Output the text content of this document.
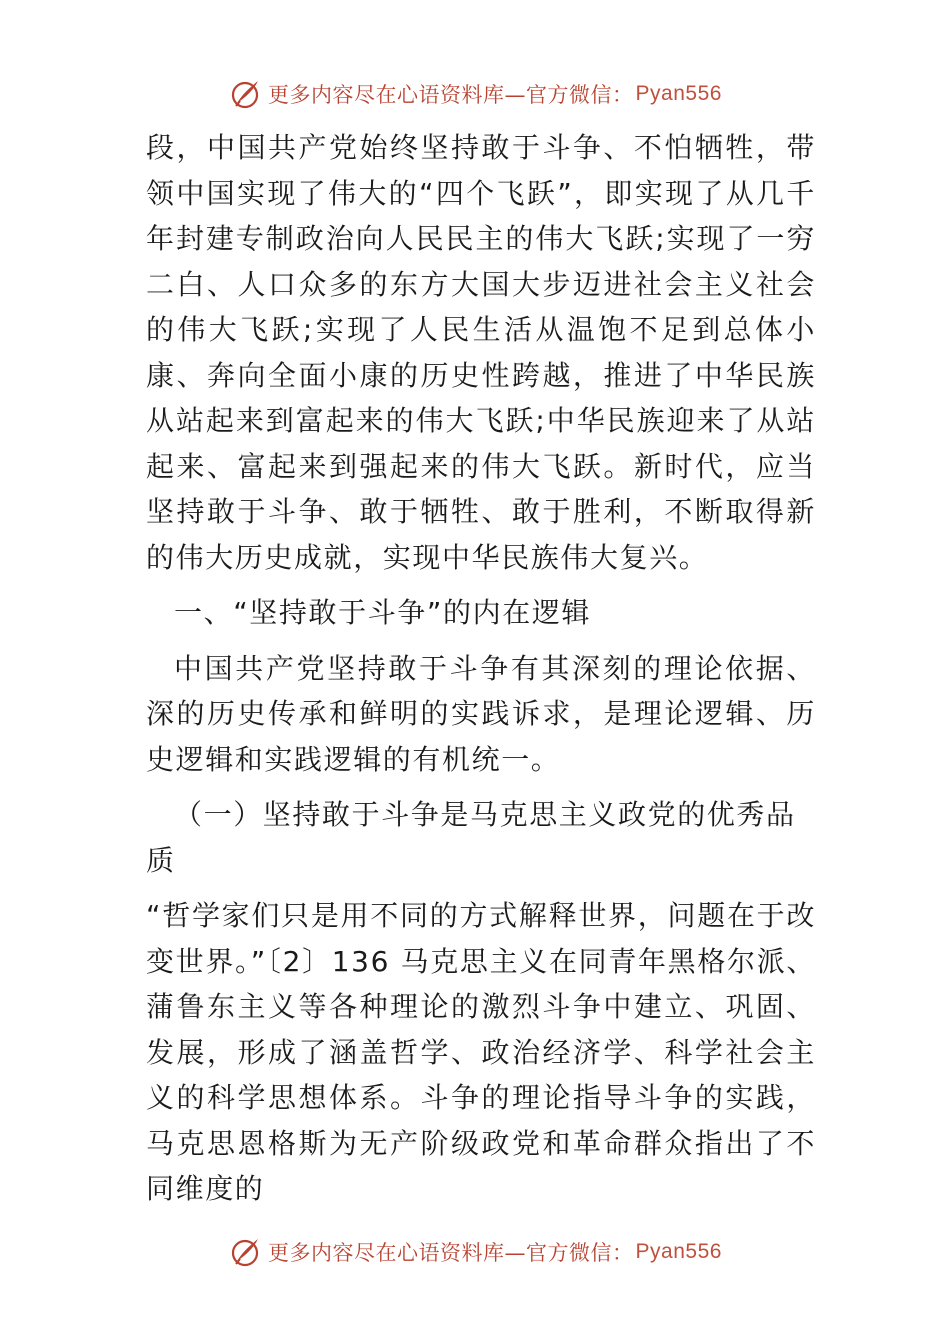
更多内容尽在心语资料库—官方微信： Pyan556

段，中国共产党始终坚持敢于斗争、不怕牺牲，带领中国实现了伟大的“四个飞跃”，即实现了从几千年封建专制政治向人民民主的伟大飞跃;实现了一穷二白、人口众多的东方大国大步迈进社会主义社会的伟大飞跃;实现了人民生活从温饱不足到总体小康、奔向全面小康的历史性跨越，推进了中华民族从站起来到富起来的伟大飞跃;中华民族迎来了从站起来、富起来到强起来的伟大飞跃。新时代，应当坚持敢于斗争、敢于牺牲、敢于胜利，不断取得新的伟大历史成就，实现中华民族伟大复兴。

一、“坚持敢于斗争”的内在逻辑

中国共产党坚持敢于斗争有其深刻的理论依据、深​的历史传承和鲜明的实践诉求，是理论逻辑、历史逻辑和实践逻辑的有机统一。

（一）坚持敢于斗争是马克思主义政党的优秀品质

“哲学家们只是用不同的方式解释世界，问题在于改变世界。”〔2〕136 马克思主义在同青年黑格尔派、蒲鲁东主义等各种理论的激烈斗争中建立、巩固、发展，形成了涵盖哲学、政治经济学、科学社会主义的科学思想体系。斗争的理论指导斗争的实践，马克思恩格斯为无产阶级政党和革命群众指出了不同维度的

更多内容尽在心语资料库—官方微信： Pyan556
